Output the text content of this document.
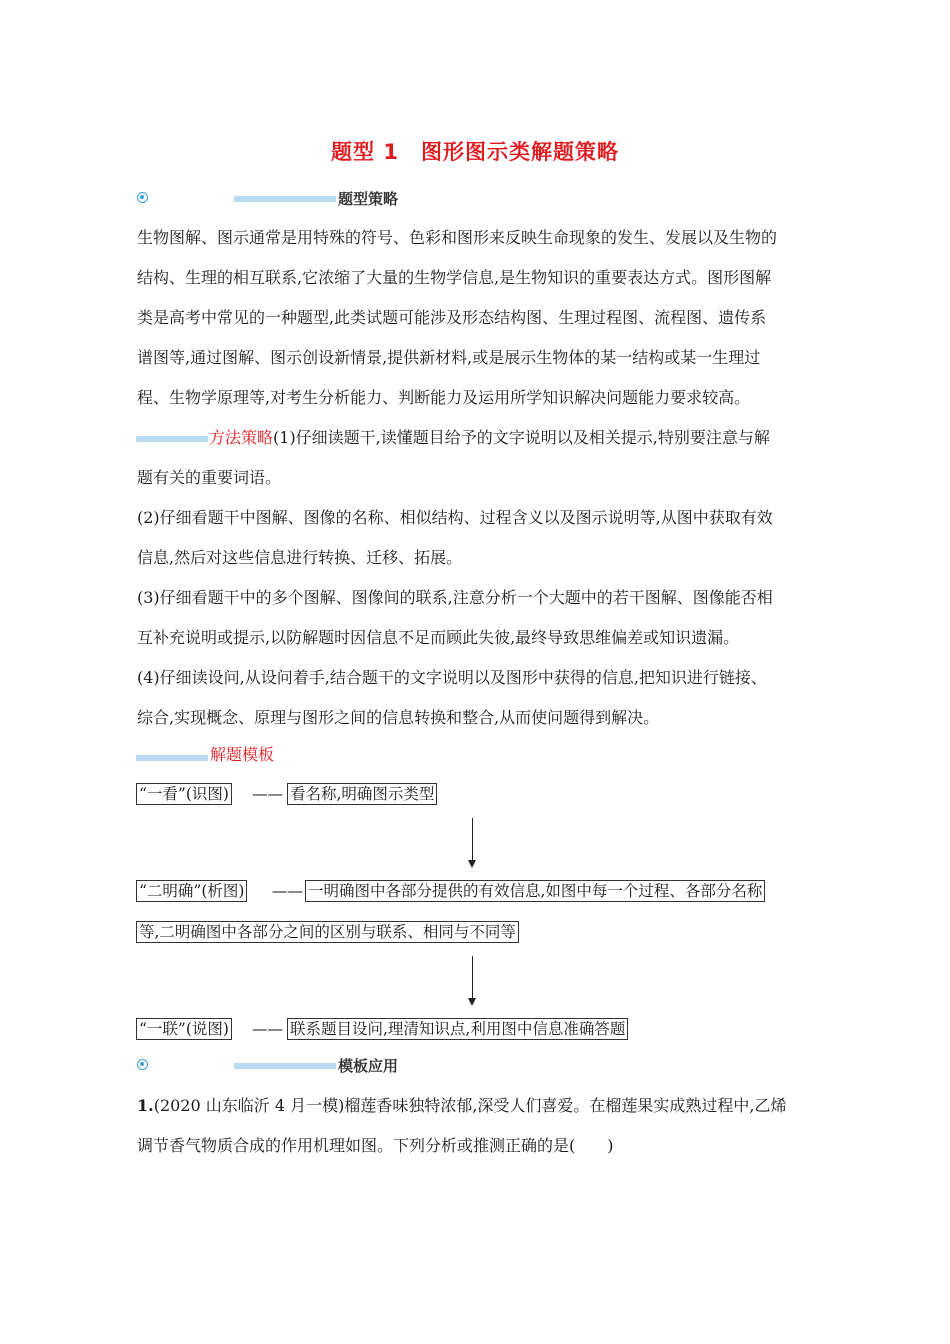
题型 1　图形图示类解题策略
题型策略
生物图解、图示通常是用特殊的符号、色彩和图形来反映生命现象的发生、发展以及生物的
结构、生理的相互联系,它浓缩了大量的生物学信息,是生物知识的重要表达方式。图形图解
类是高考中常见的一种题型,此类试题可能涉及形态结构图、生理过程图、流程图、遗传系
谱图等,通过图解、图示创设新情景,提供新材料,或是展示生物体的某一结构或某一生理过
程、生物学原理等,对考生分析能力、判断能力及运用所学知识解决问题能力要求较高。
方法策略(1)仔细读题干,读懂题目给予的文字说明以及相关提示,特别要注意与解
题有关的重要词语。
(2)仔细看题干中图解、图像的名称、相似结构、过程含义以及图示说明等,从图中获取有效
信息,然后对这些信息进行转换、迁移、拓展。
(3)仔细看题干中的多个图解、图像间的联系,注意分析一个大题中的若干图解、图像能否相
互补充说明或提示,以防解题时因信息不足而顾此失彼,最终导致思维偏差或知识遗漏。
(4)仔细读设问,从设问着手,结合题干的文字说明以及图形中获得的信息,把知识进行链接、
综合,实现概念、原理与图形之间的信息转换和整合,从而使问题得到解决。
解题模板
“一看”(识图) —— 看名称,明确图示类型
“二明确”(析图) —— 一明确图中各部分提供的有效信息,如图中每一个过程、各部分名称
等,二明确图中各部分之间的区别与联系、相同与不同等
“一联”(说图) —— 联系题目设问,理清知识点,利用图中信息准确答题
模板应用
1.(2020 山东临沂 4 月一模)榴莲香味独特浓郁,深受人们喜爱。在榴莲果实成熟过程中,乙烯
调节香气物质合成的作用机理如图。下列分析或推测正确的是(　　)
